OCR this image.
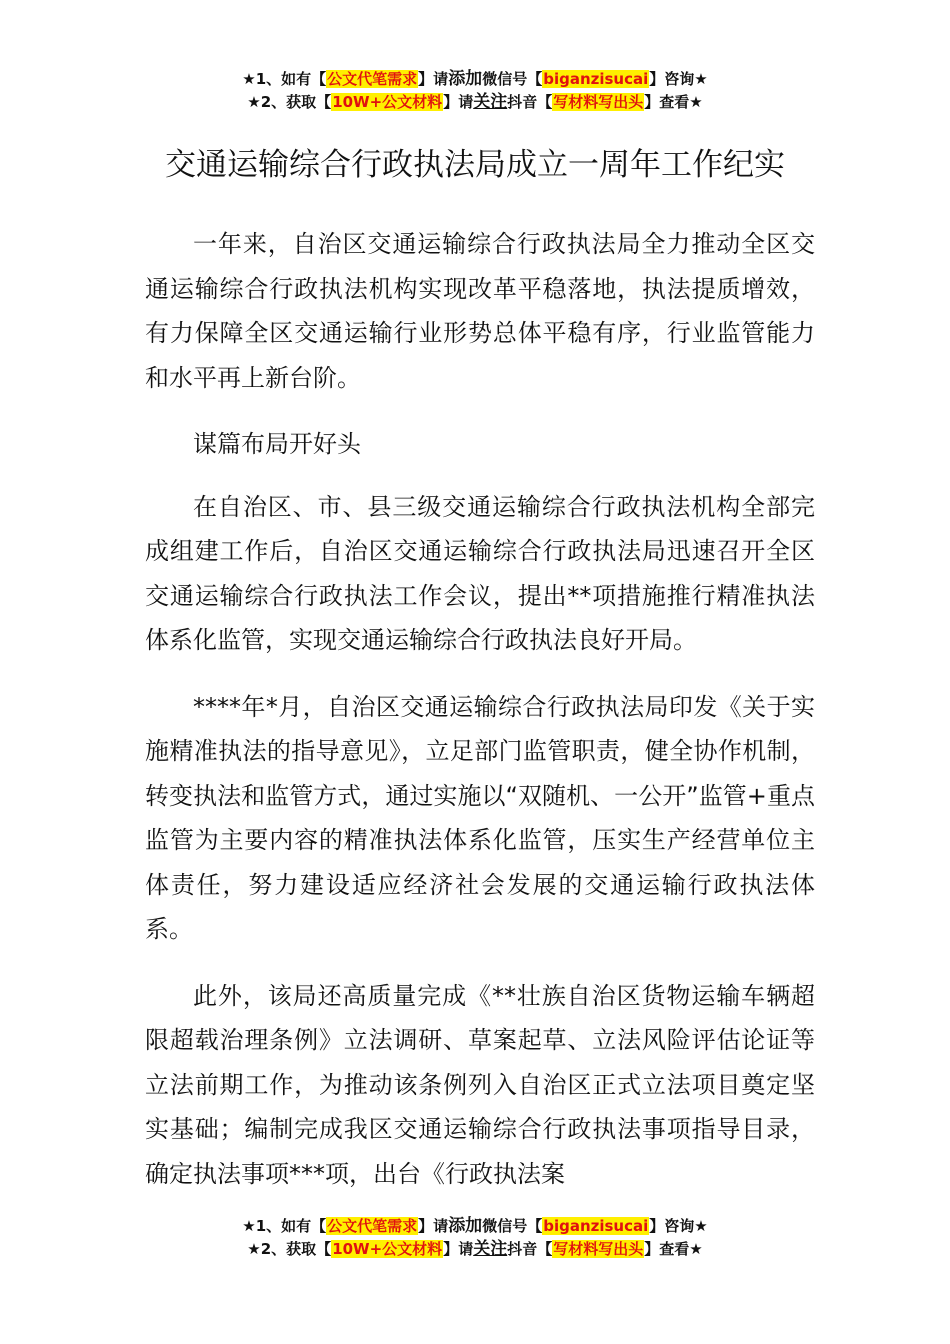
★1、如有【公文代笔需求】请添加微信号【biganzisucai】咨询★
★2、获取【10W+公文材料】请关注抖音【写材料写出头】查看★
交通运输综合行政执法局成立一周年工作纪实

一年来，自治区交通运输综合行政执法局全力推动全区交通运输综合行政执法机构实现改革平稳落地，执法提质增效，有力保障全区交通运输行业形势总体平稳有序，行业监管能力和水平再上新台阶。

谋篇布局开好头

在自治区、市、县三级交通运输综合行政执法机构全部完成组建工作后，自治区交通运输综合行政执法局迅速召开全区交通运输综合行政执法工作会议，提出**项措施推行精准执法体系化监管，实现交通运输综合行政执法良好开局。

****年*月，自治区交通运输综合行政执法局印发《关于实施精准执法的指导意见》，立足部门监管职责，健全协作机制，转变执法和监管方式，通过实施以“双随机、一公开”监管+重点监管为主要内容的精准执法体系化监管，压实生产经营单位主体责任，努力建设适应经济社会发展的交通运输行政执法体系。

此外，该局还高质量完成《**壮族自治区货物运输车辆超限超载治理条例》立法调研、草案起草、立法风险评估论证等立法前期工作，为推动该条例列入自治区正式立法项目奠定坚实基础；编制完成我区交通运输综合行政执法事项指导目录，确定执法事项***项，出台《行政执法案

★1、如有【公文代笔需求】请添加微信号【biganzisucai】咨询★
★2、获取【10W+公文材料】请关注抖音【写材料写出头】查看★
